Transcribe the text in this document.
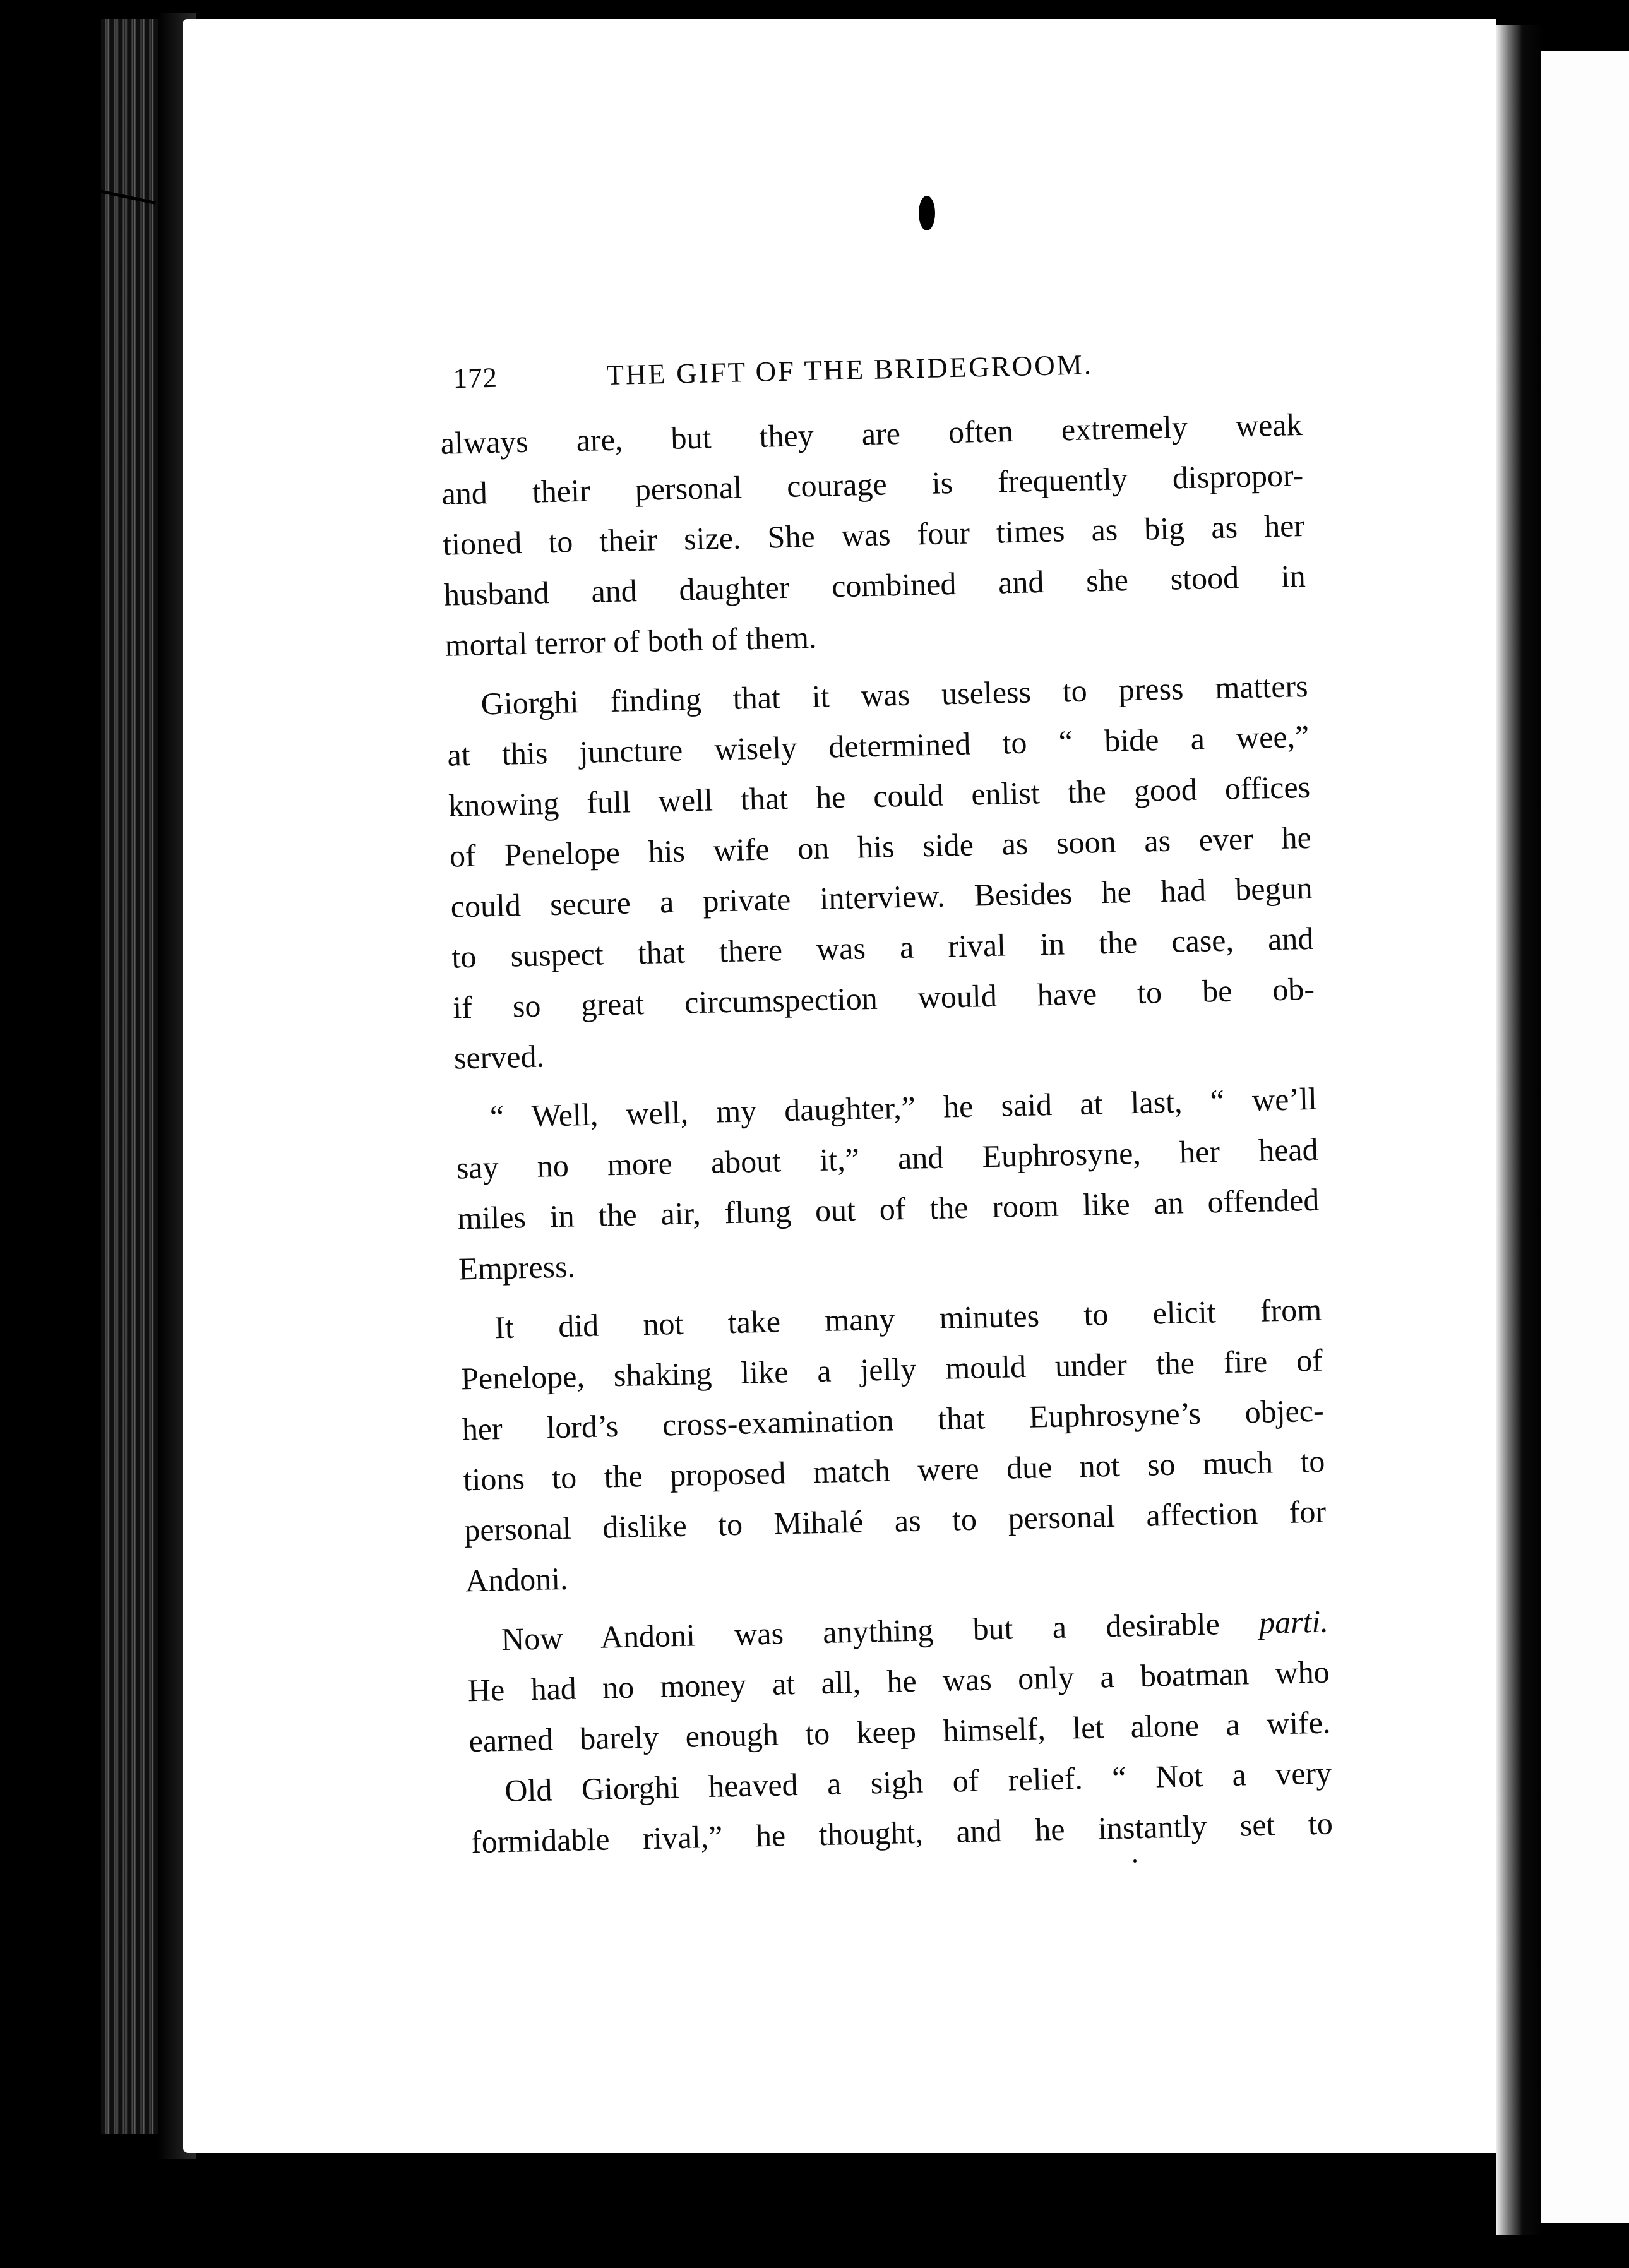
172	THE GIFT OF THE BRIDEGROOM.
always are, but they are often extremely weak
and their personal courage is frequently dispropor-
tioned to their size. She was four times as big as her
husband and daughter combined and she stood in
mortal terror of both of them.
Giorghi finding that it was useless to press matters
at this juncture wisely determined to “ bide a wee,”
knowing full well that he could enlist the good offices
of Penelope his wife on his side as soon as ever he
could secure a private interview. Besides he had begun
to suspect that there was a rival in the case, and
if so great circumspection would have to be ob-
served.
“ Well, well, my daughter,” he said at last, “ we’ll
say no more about it,” and Euphrosyne, her head
miles in the air, flung out of the room like an offended
Empress.
It did not take many minutes to elicit from
Penelope, shaking like a jelly mould under the fire of
her lord’s cross-examination that Euphrosyne’s objec-
tions to the proposed match were due not so much to
personal dislike to Mihalé as to personal affection for
Andoni.
Now Andoni was anything but a desirable parti.
He had no money at all, he was only a boatman who
earned barely enough to keep himself, let alone a wife.
Old Giorghi heaved a sigh of relief. “ Not a very
formidable rival,” he thought, and he instantly set to
